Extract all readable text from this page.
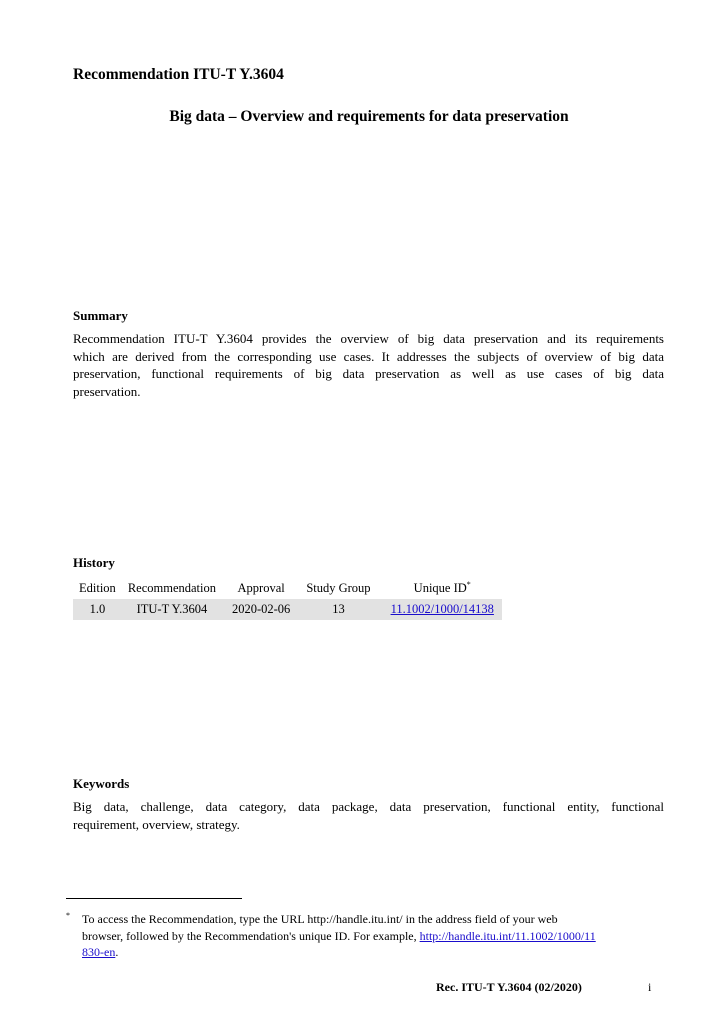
Recommendation ITU-T Y.3604
Big data – Overview and requirements for data preservation
Summary
Recommendation ITU-T Y.3604 provides the overview of big data preservation and its requirements
which are derived from the corresponding use cases. It addresses the subjects of overview of big data
preservation, functional requirements of big data preservation as well as use cases of big data
preservation.
History
Edition	Recommendation	Approval	Study Group	Unique ID*
1.0	ITU-T Y.3604	2020-02-06	13	11.1002/1000/14138
Keywords
Big data, challenge, data category, data package, data preservation, functional entity, functional
requirement, overview, strategy.
* To access the Recommendation, type the URL http://handle.itu.int/ in the address field of your web
browser, followed by the Recommendation's unique ID. For example, http://handle.itu.int/11.1002/1000/11
830-en.
Rec. ITU-T Y.3604 (02/2020)	i
